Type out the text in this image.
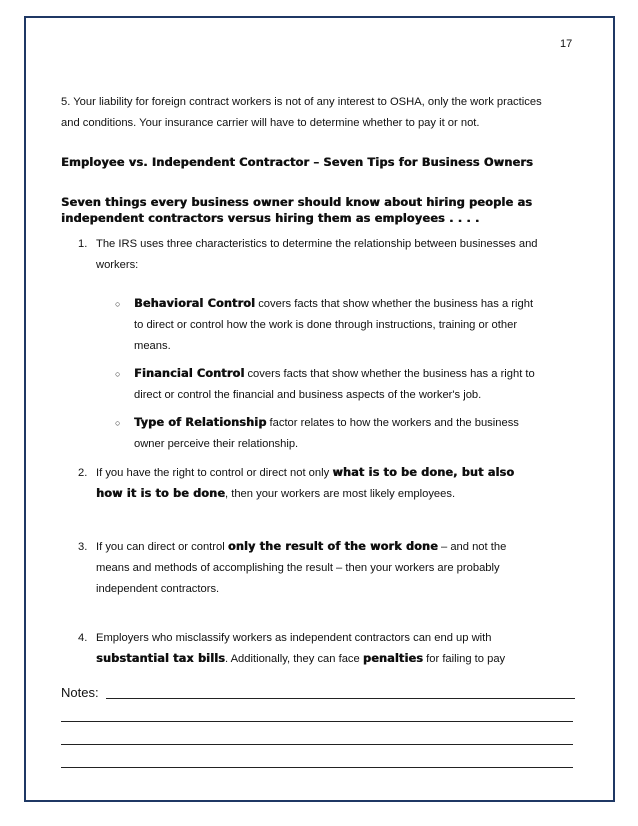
17
5. Your liability for foreign contract workers is not of any interest to OSHA, only the work practices
and conditions. Your insurance carrier will have to determine whether to pay it or not.
Employee vs. Independent Contractor – Seven Tips for Business Owners
Seven things every business owner should know about hiring people as
independent contractors versus hiring them as employees . . . .
1. The IRS uses three characteristics to determine the relationship between businesses and
workers:
○ Behavioral Control covers facts that show whether the business has a right
to direct or control how the work is done through instructions, training or other
means.
○ Financial Control covers facts that show whether the business has a right to
direct or control the financial and business aspects of the worker's job.
○ Type of Relationship factor relates to how the workers and the business
owner perceive their relationship.
2. If you have the right to control or direct not only what is to be done, but also
how it is to be done, then your workers are most likely employees.
3. If you can direct or control only the result of the work done – and not the
means and methods of accomplishing the result – then your workers are probably
independent contractors.
4. Employers who misclassify workers as independent contractors can end up with
substantial tax bills. Additionally, they can face penalties for failing to pay
Notes:
